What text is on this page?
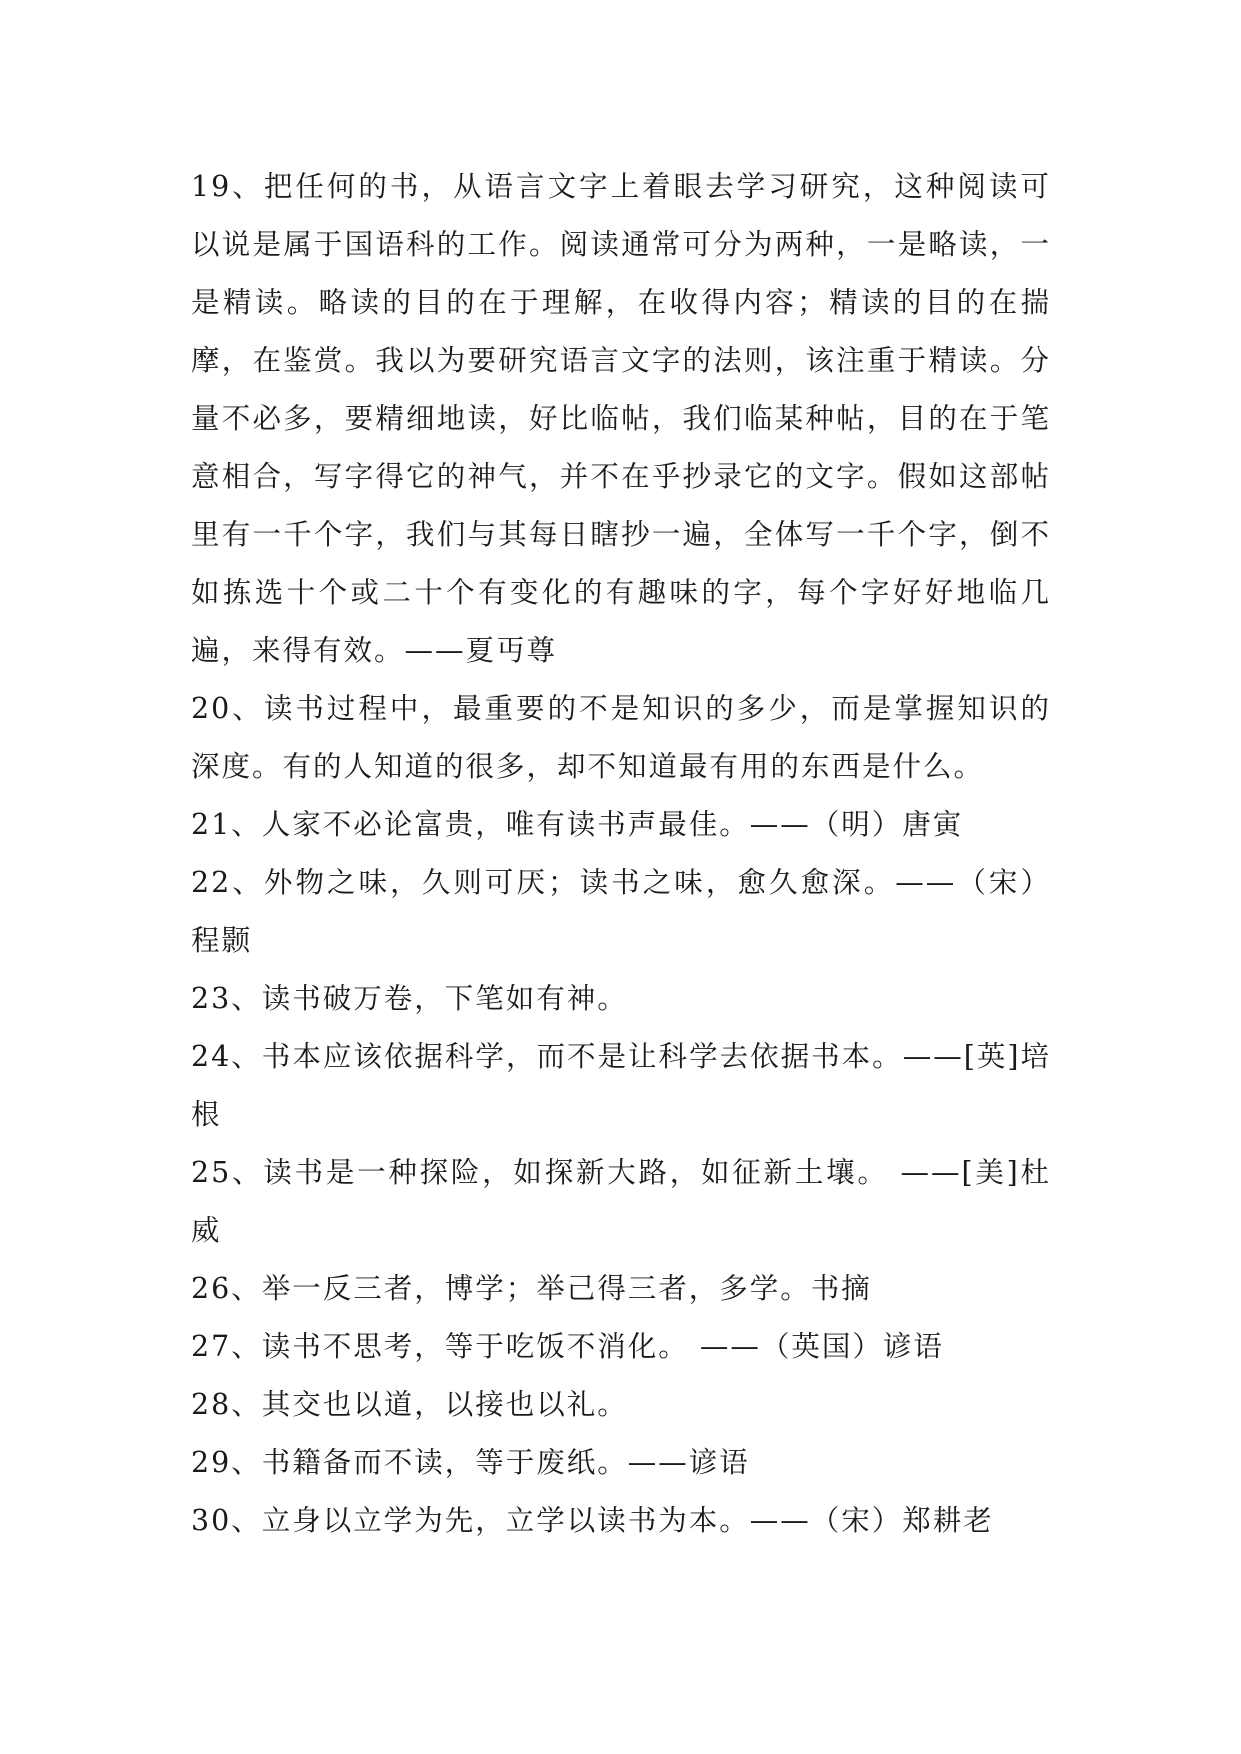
19、把任何的书，从语言文字上着眼去学习研究，这种阅读可以说是属于国语科的工作。阅读通常可分为两种，一是略读，一是精读。略读的目的在于理解，在收得内容；精读的目的在揣摩，在鉴赏。我以为要研究语言文字的法则，该注重于精读。分量不必多，要精细地读，好比临帖，我们临某种帖，目的在于笔意相合，写字得它的神气，并不在乎抄录它的文字。假如这部帖里有一千个字，我们与其每日瞎抄一遍，全体写一千个字，倒不如拣选十个或二十个有变化的有趣味的字，每个字好好地临几遍，来得有效。——夏丏尊

20、读书过程中，最重要的不是知识的多少，而是掌握知识的深度。有的人知道的很多，却不知道最有用的东西是什么。

21、人家不必论富贵，唯有读书声最佳。——（明）唐寅

22、外物之味，久则可厌；读书之味，愈久愈深。——（宋）程颢

23、读书破万卷，下笔如有神。

24、书本应该依据科学，而不是让科学去依据书本。——[英]培根

25、读书是一种探险，如探新大路，如征新土壤。 ——[美]杜威

26、举一反三者，博学；举己得三者，多学。书摘

27、读书不思考，等于吃饭不消化。 ——（英国）谚语

28、其交也以道，以接也以礼。

29、书籍备而不读，等于废纸。——谚语

30、立身以立学为先，立学以读书为本。——（宋）郑耕老
